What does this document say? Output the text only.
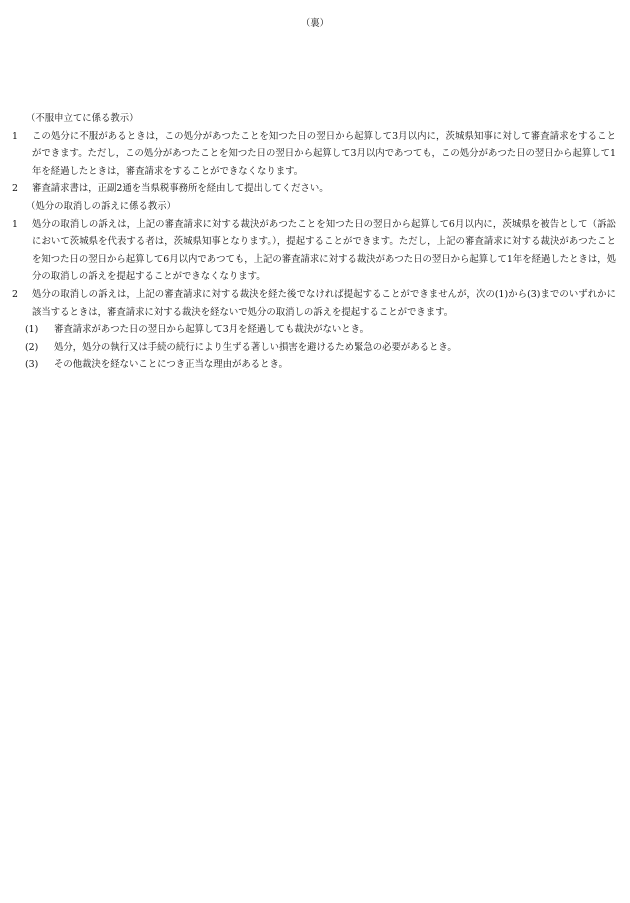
（裏）
（不服申立てに係る教示）
1 この処分に不服があるときは，この処分があつたことを知つた日の翌日から起算して3月以内に，茨城県知事に対して審査請求をすることができます。ただし，この処分があつたことを知つた日の翌日から起算して3月以内であつても，この処分があつた日の翌日から起算して1年を経過したときは，審査請求をすることができなくなります。
2 審査請求書は，正副2通を当県税事務所を経由して提出してください。
（処分の取消しの訴えに係る教示）
1 処分の取消しの訴えは，上記の審査請求に対する裁決があつたことを知つた日の翌日から起算して6月以内に，茨城県を被告として（訴訟において茨城県を代表する者は，茨城県知事となります。），提起することができます。ただし，上記の審査請求に対する裁決があつたことを知つた日の翌日から起算して6月以内であつても，上記の審査請求に対する裁決があつた日の翌日から起算して1年を経過したときは，処分の取消しの訴えを提起することができなくなります。
2 処分の取消しの訴えは，上記の審査請求に対する裁決を経た後でなければ提起することができませんが，次の(1)から(3)までのいずれかに該当するときは，審査請求に対する裁決を経ないで処分の取消しの訴えを提起することができます。
(1) 審査請求があつた日の翌日から起算して3月を経過しても裁決がないとき。
(2) 処分，処分の執行又は手続の続行により生ずる著しい損害を避けるため緊急の必要があるとき。
(3) その他裁決を経ないことにつき正当な理由があるとき。
